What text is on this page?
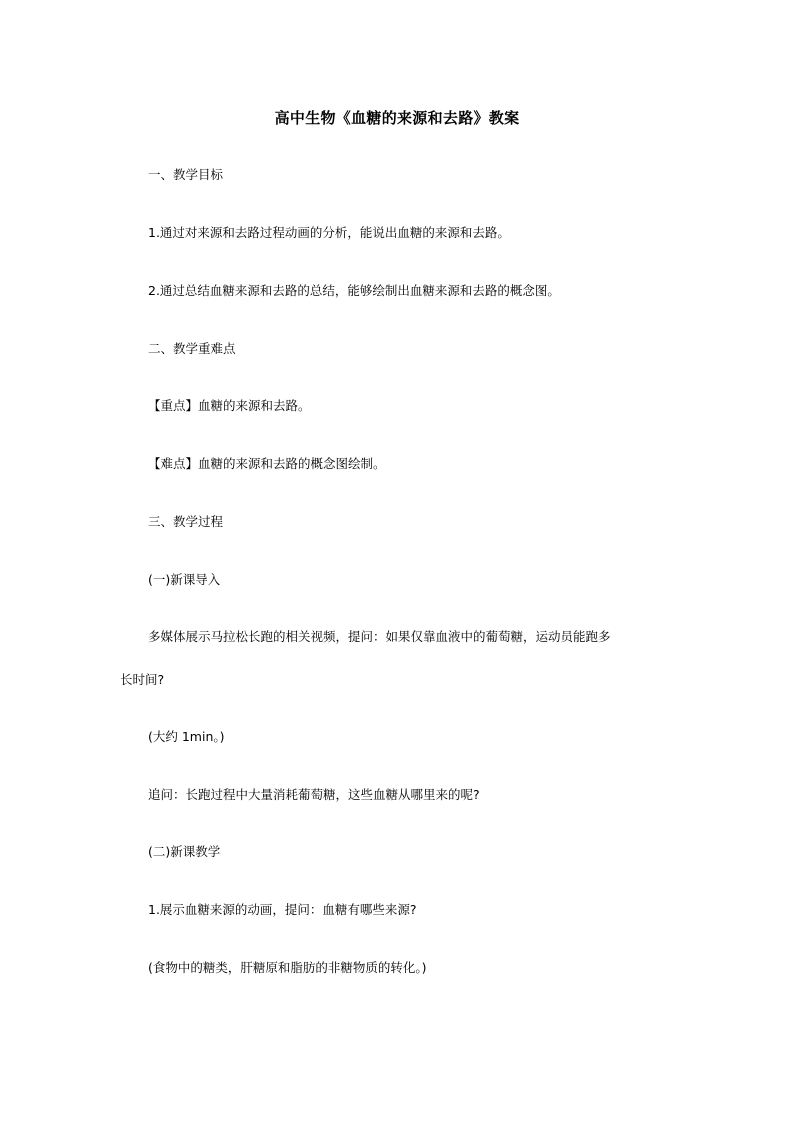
高中生物《血糖的来源和去路》教案
一、教学目标
1.通过对来源和去路过程动画的分析，能说出血糖的来源和去路。
2.通过总结血糖来源和去路的总结，能够绘制出血糖来源和去路的概念图。
二、教学重难点
【重点】血糖的来源和去路。
【难点】血糖的来源和去路的概念图绘制。
三、教学过程
(一)新课导入
多媒体展示马拉松长跑的相关视频，提问：如果仅靠血液中的葡萄糖，运动员能跑多
长时间?
(大约 1min。)
追问：长跑过程中大量消耗葡萄糖，这些血糖从哪里来的呢?
(二)新课教学
1.展示血糖来源的动画，提问：血糖有哪些来源?
(食物中的糖类，肝糖原和脂肪的非糖物质的转化。)
